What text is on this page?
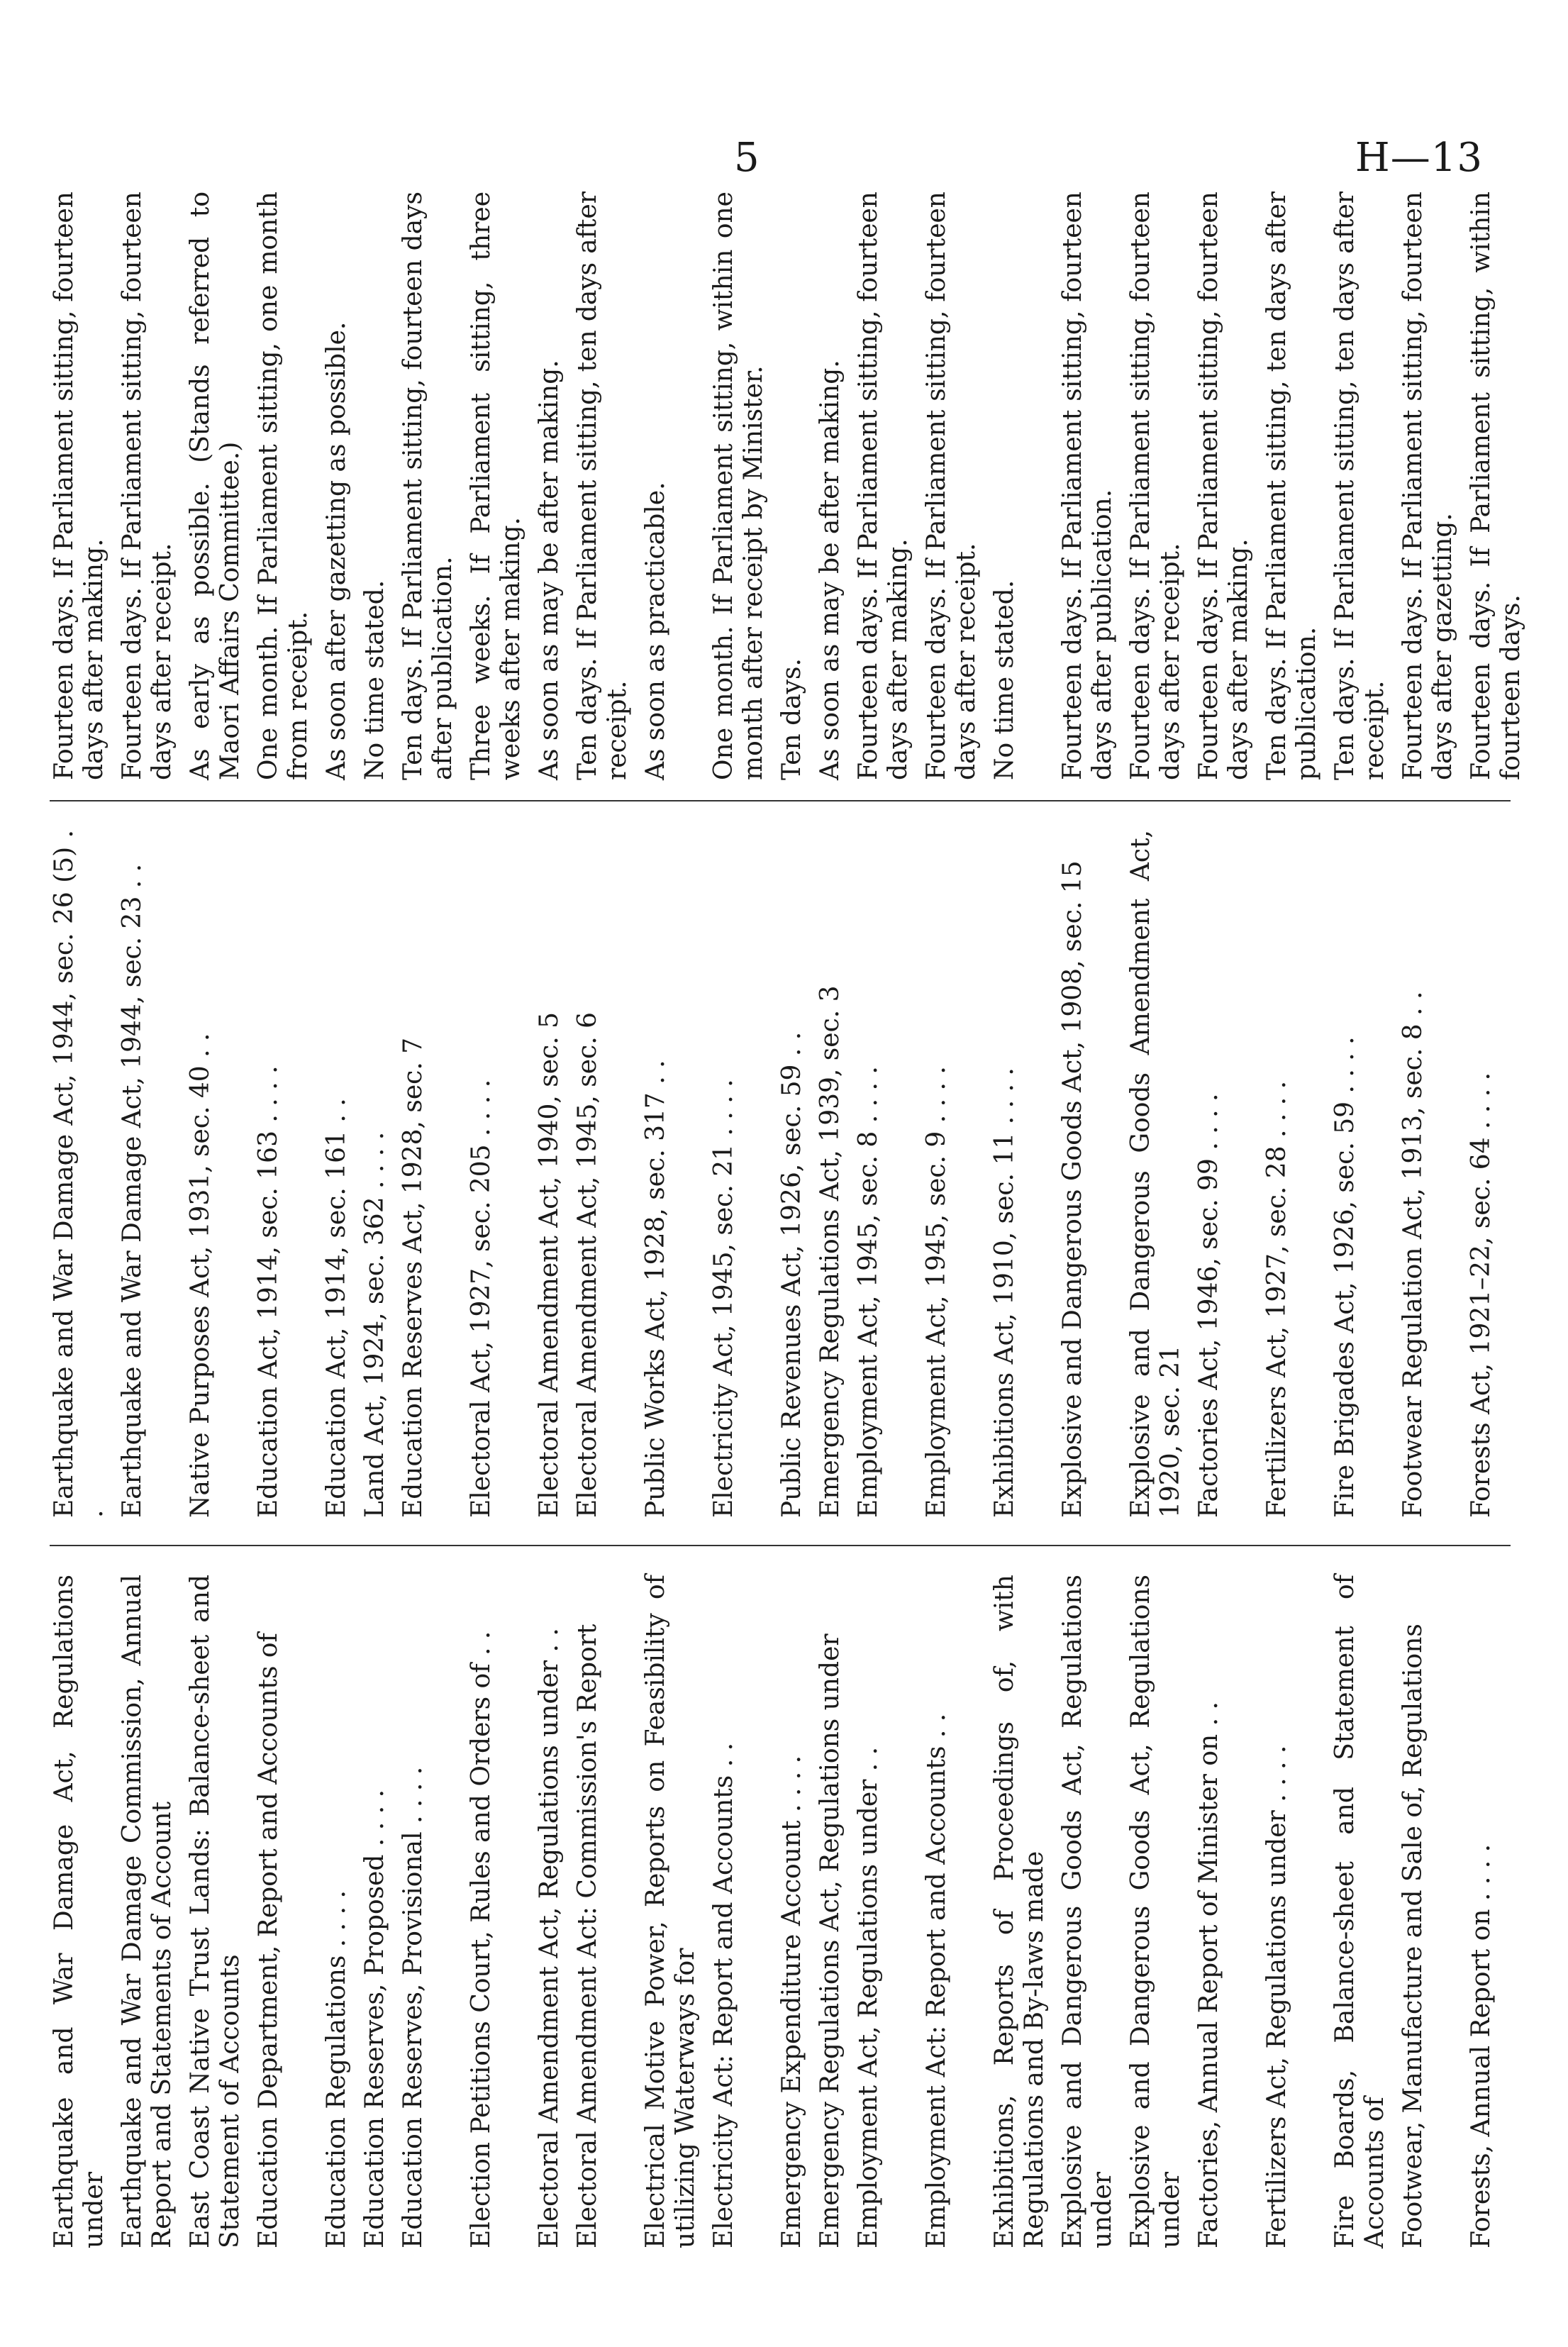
5	H—13
Earthquake and War Damage Act, Regulations under
Earthquake and War Damage Act, 1944, sec. 26 (5) . .
Fourteen days. If Parliament sitting, fourteen days after making.
Earthquake and War Damage Commission, Annual Report and Statements of Account
Earthquake and War Damage Act, 1944, sec. 23 . .
Fourteen days. If Parliament sitting, fourteen days after receipt.
East Coast Native Trust Lands: Balance-sheet and Statement of Accounts
Native Purposes Act, 1931, sec. 40 . .
As early as possible. (Stands referred to Maori Affairs Committee.)
Education Department, Report and Accounts of
Education Act, 1914, sec. 163 . . . .
One month. If Parliament sitting, one month from receipt.
Education Regulations . . . .
Education Act, 1914, sec. 161 . .
As soon after gazetting as possible.
Education Reserves, Proposed . . . .
Land Act, 1924, sec. 362 . . . .
No time stated.
Education Reserves, Provisional . . . .
Education Reserves Act, 1928, sec. 7
Ten days. If Parliament sitting, fourteen days after publication.
Election Petitions Court, Rules and Orders of . .
Electoral Act, 1927, sec. 205 . . . .
Three weeks. If Parliament sitting, three weeks after making.
Electoral Amendment Act, Regulations under . .
Electoral Amendment Act, 1940, sec. 5
As soon as may be after making.
Electoral Amendment Act: Commission's Report
Electoral Amendment Act, 1945, sec. 6
Ten days. If Parliament sitting, ten days after receipt.
Electrical Motive Power, Reports on Feasibility of utilizing Waterways for
Public Works Act, 1928, sec. 317 . .
As soon as practicable.
Electricity Act: Report and Accounts . .
Electricity Act, 1945, sec. 21 . . . .
One month. If Parliament sitting, within one month after receipt by Minister.
Emergency Expenditure Account . . . .
Public Revenues Act, 1926, sec. 59 . .
Ten days.
Emergency Regulations Act, Regulations under
Emergency Regulations Act, 1939, sec. 3
As soon as may be after making.
Employment Act, Regulations under . .
Employment Act, 1945, sec. 8 . . . .
Fourteen days. If Parliament sitting, fourteen days after making.
Employment Act: Report and Accounts . .
Employment Act, 1945, sec. 9 . . . .
Fourteen days. If Parliament sitting, fourteen days after receipt.
Exhibitions, Reports of Proceedings of, with Regulations and By-laws made
Exhibitions Act, 1910, sec. 11 . . . .
No time stated.
Explosive and Dangerous Goods Act, Regulations under
Explosive and Dangerous Goods Act, 1908, sec. 15
Fourteen days. If Parliament sitting, fourteen days after publication.
Explosive and Dangerous Goods Act, Regulations under
Explosive and Dangerous Goods Amendment Act, 1920, sec. 21
Fourteen days. If Parliament sitting, fourteen days after receipt.
Factories, Annual Report of Minister on . .
Factories Act, 1946, sec. 99 . . . .
Fourteen days. If Parliament sitting, fourteen days after making.
Fertilizers Act, Regulations under . . . .
Fertilizers Act, 1927, sec. 28 . . . .
Ten days. If Parliament sitting, ten days after publication.
Fire Boards, Balance-sheet and Statement of Accounts of
Fire Brigades Act, 1926, sec. 59 . . . .
Ten days. If Parliament sitting, ten days after receipt.
Footwear, Manufacture and Sale of, Regulations
Footwear Regulation Act, 1913, sec. 8 . .
Fourteen days. If Parliament sitting, fourteen days after gazetting.
Forests, Annual Report on . . . .
Forests Act, 1921–22, sec. 64 . . . .
Fourteen days. If Parliament sitting, within fourteen days.
